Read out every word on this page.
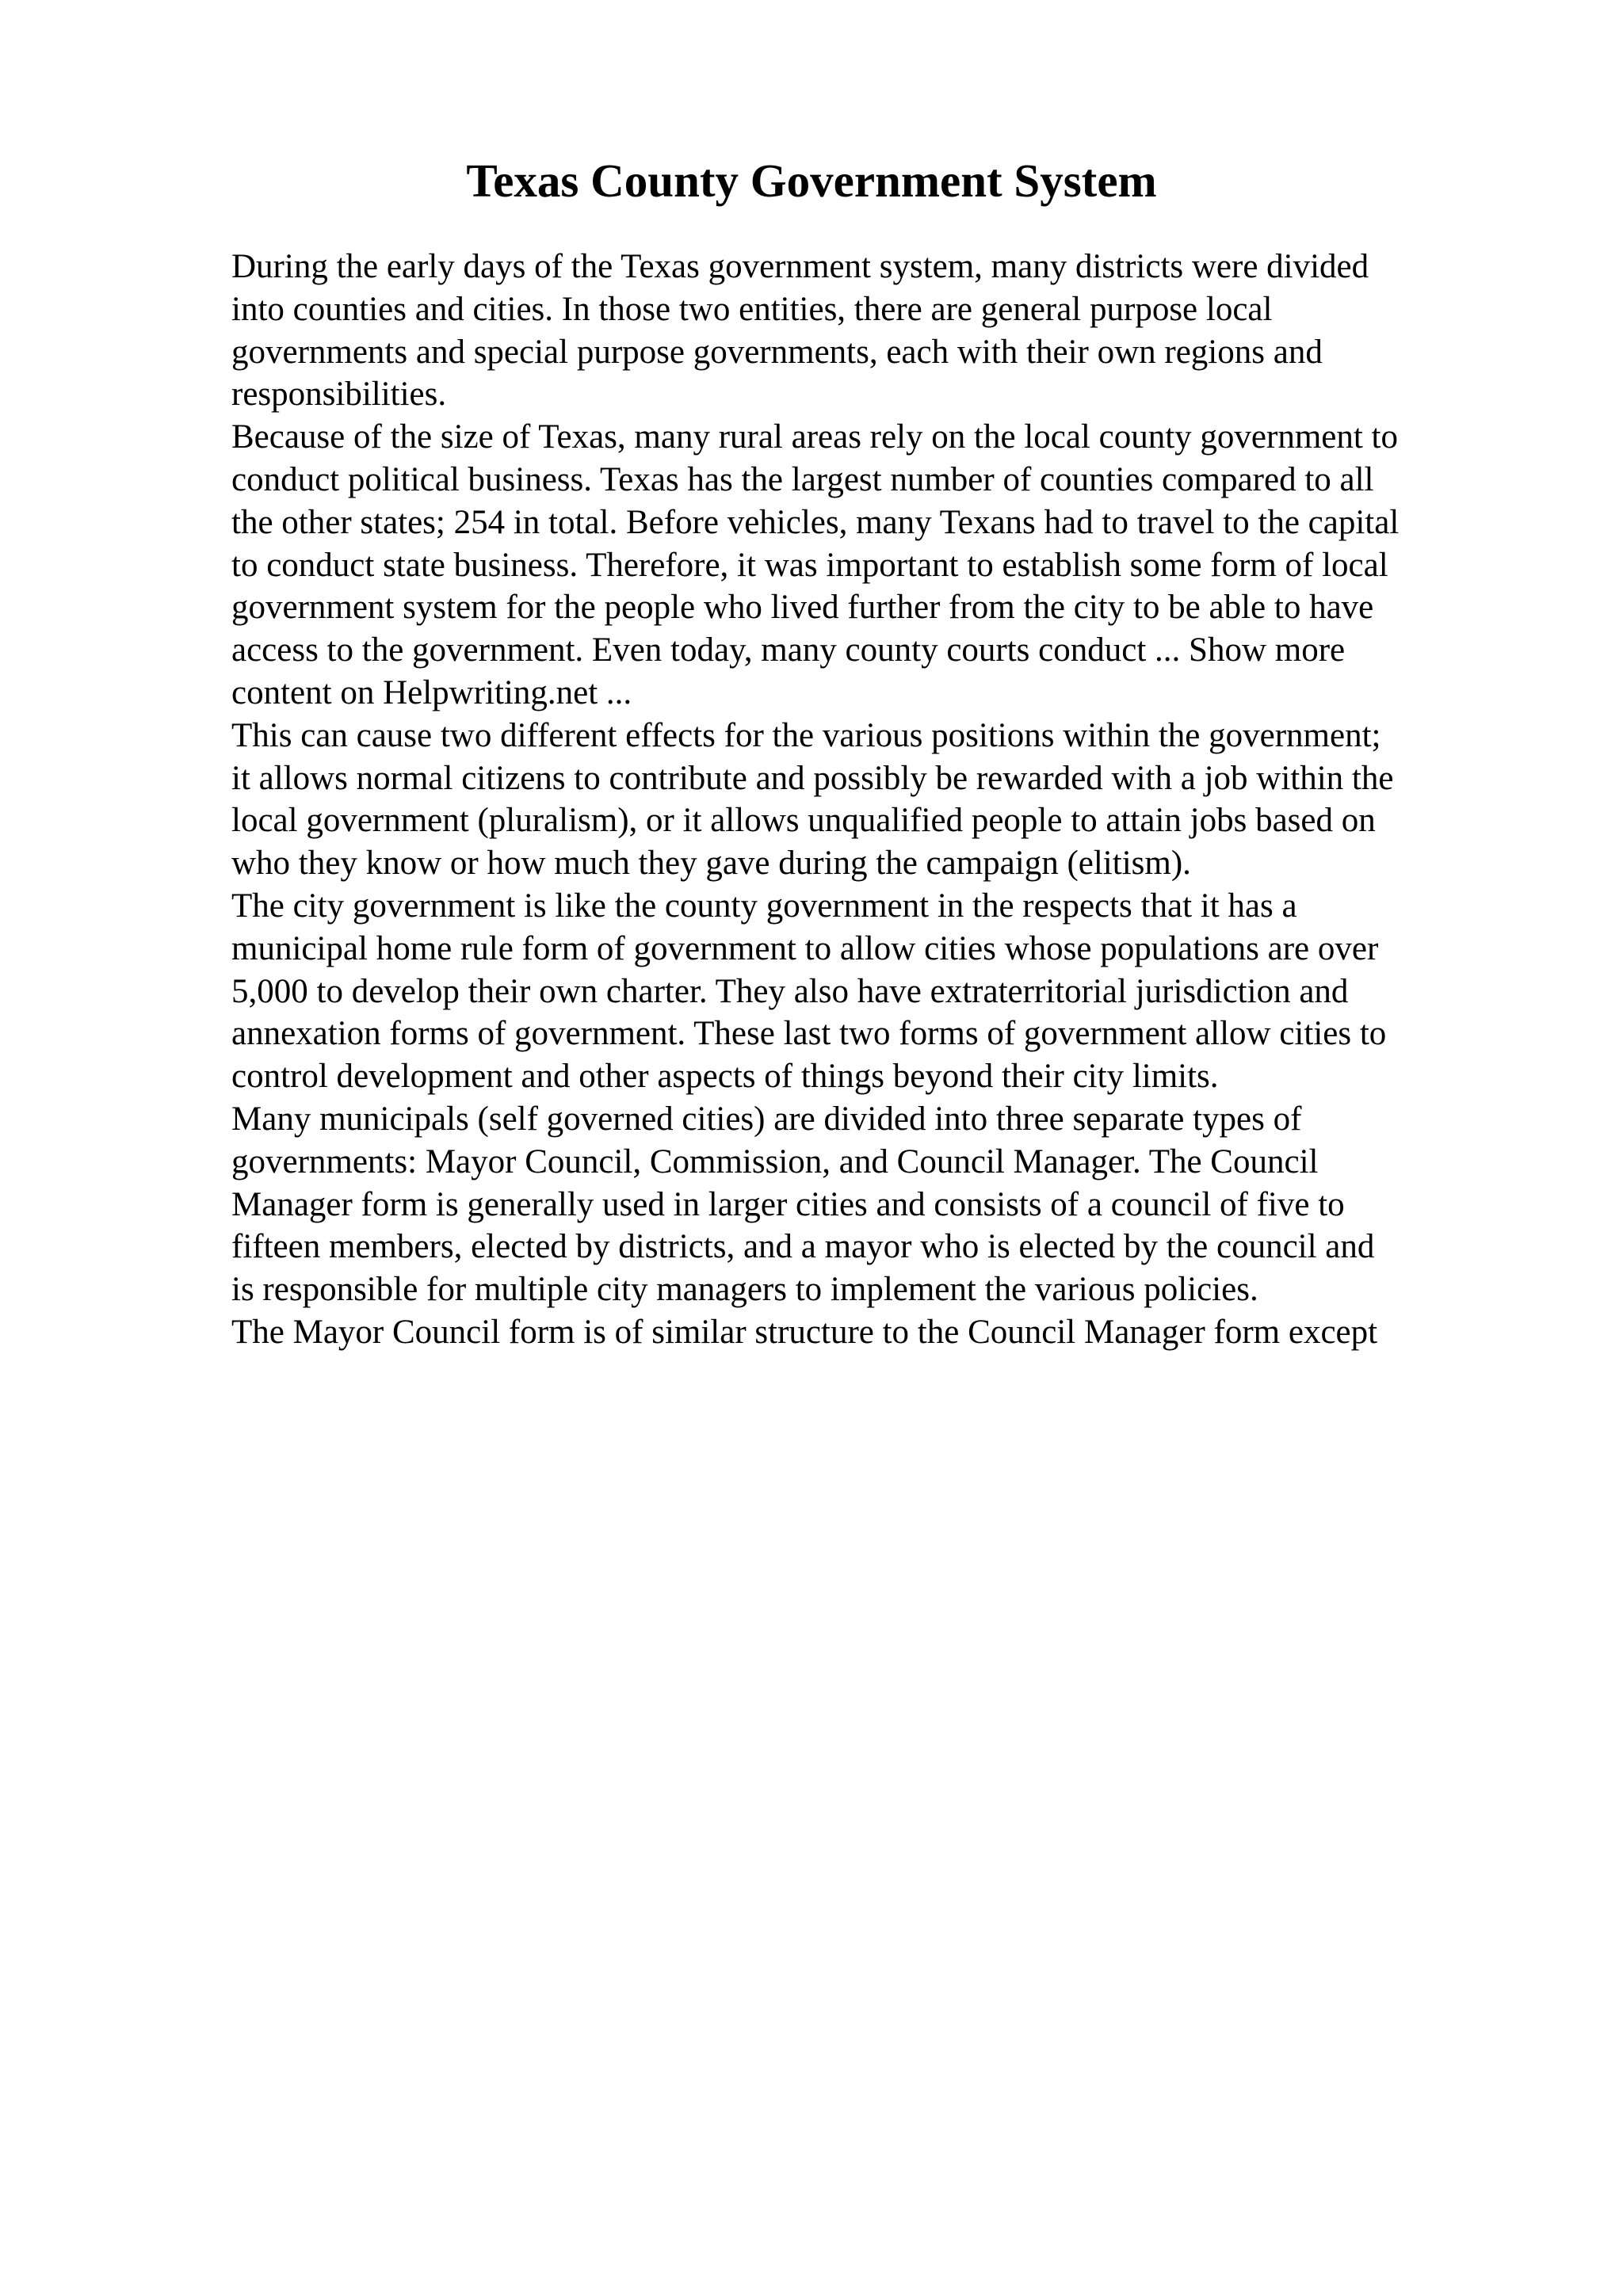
Texas County Government System
During the early days of the Texas government system, many districts were divided
into counties and cities. In those two entities, there are general purpose local
governments and special purpose governments, each with their own regions and
responsibilities.
Because of the size of Texas, many rural areas rely on the local county government to
conduct political business. Texas has the largest number of counties compared to all
the other states; 254 in total. Before vehicles, many Texans had to travel to the capital
to conduct state business. Therefore, it was important to establish some form of local
government system for the people who lived further from the city to be able to have
access to the government. Even today, many county courts conduct ... Show more
content on Helpwriting.net ...
This can cause two different effects for the various positions within the government;
it allows normal citizens to contribute and possibly be rewarded with a job within the
local government (pluralism), or it allows unqualified people to attain jobs based on
who they know or how much they gave during the campaign (elitism).
The city government is like the county government in the respects that it has a
municipal home rule form of government to allow cities whose populations are over
5,000 to develop their own charter. They also have extraterritorial jurisdiction and
annexation forms of government. These last two forms of government allow cities to
control development and other aspects of things beyond their city limits.
Many municipals (self governed cities) are divided into three separate types of
governments: Mayor Council, Commission, and Council Manager. The Council
Manager form is generally used in larger cities and consists of a council of five to
fifteen members, elected by districts, and a mayor who is elected by the council and
is responsible for multiple city managers to implement the various policies.
The Mayor Council form is of similar structure to the Council Manager form except
